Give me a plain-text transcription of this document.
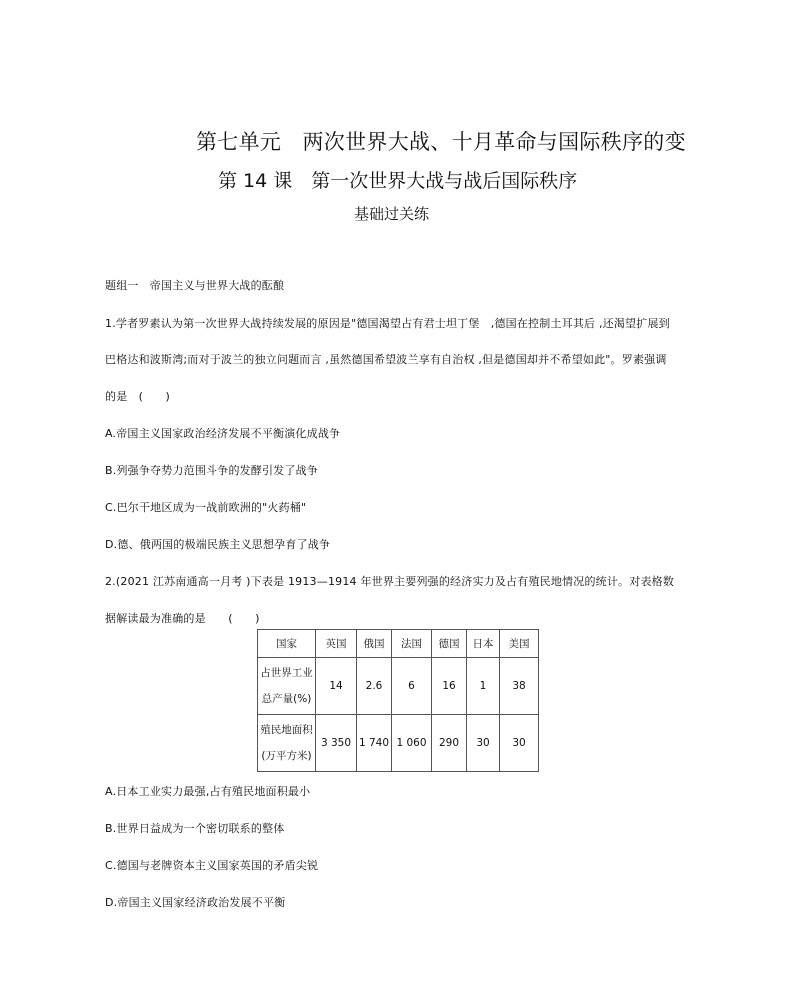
第七单元　两次世界大战、十月革命与国际秩序的变
第 14 课　第一次世界大战与战后国际秩序
基础过关练
题组一　帝国主义与世界大战的酝酿
1.学者罗素认为第一次世界大战持续发展的原因是"德国渴望占有君士坦丁堡　,德国在控制土耳其后 ,还渴望扩展到
巴格达和波斯湾;而对于波兰的独立问题而言 ,虽然德国希望波兰享有自治权 ,但是德国却并不希望如此"。罗素强调
的是　(　　)
A.帝国主义国家政治经济发展不平衡演化成战争
B.列强争夺势力范围斗争的发酵引发了战争
C.巴尔干地区成为一战前欧洲的"火药桶"
D.德、俄两国的极端民族主义思想孕育了战争
2.(2021 江苏南通高一月考 )下表是 1913—1914 年世界主要列强的经济实力及占有殖民地情况的统计。对表格数
据解读最为准确的是　　(　　)
国家	英国	俄国	法国	德国	日本	美国

占世界工业
总产量(%)	14	2.6	6	16	1	38

殖民地面积
(万平方米)	3 350	1 740	1 060	290	30	30
A.日本工业实力最强,占有殖民地面积最小
B.世界日益成为一个密切联系的整体
C.德国与老牌资本主义国家英国的矛盾尖锐
D.帝国主义国家经济政治发展不平衡
